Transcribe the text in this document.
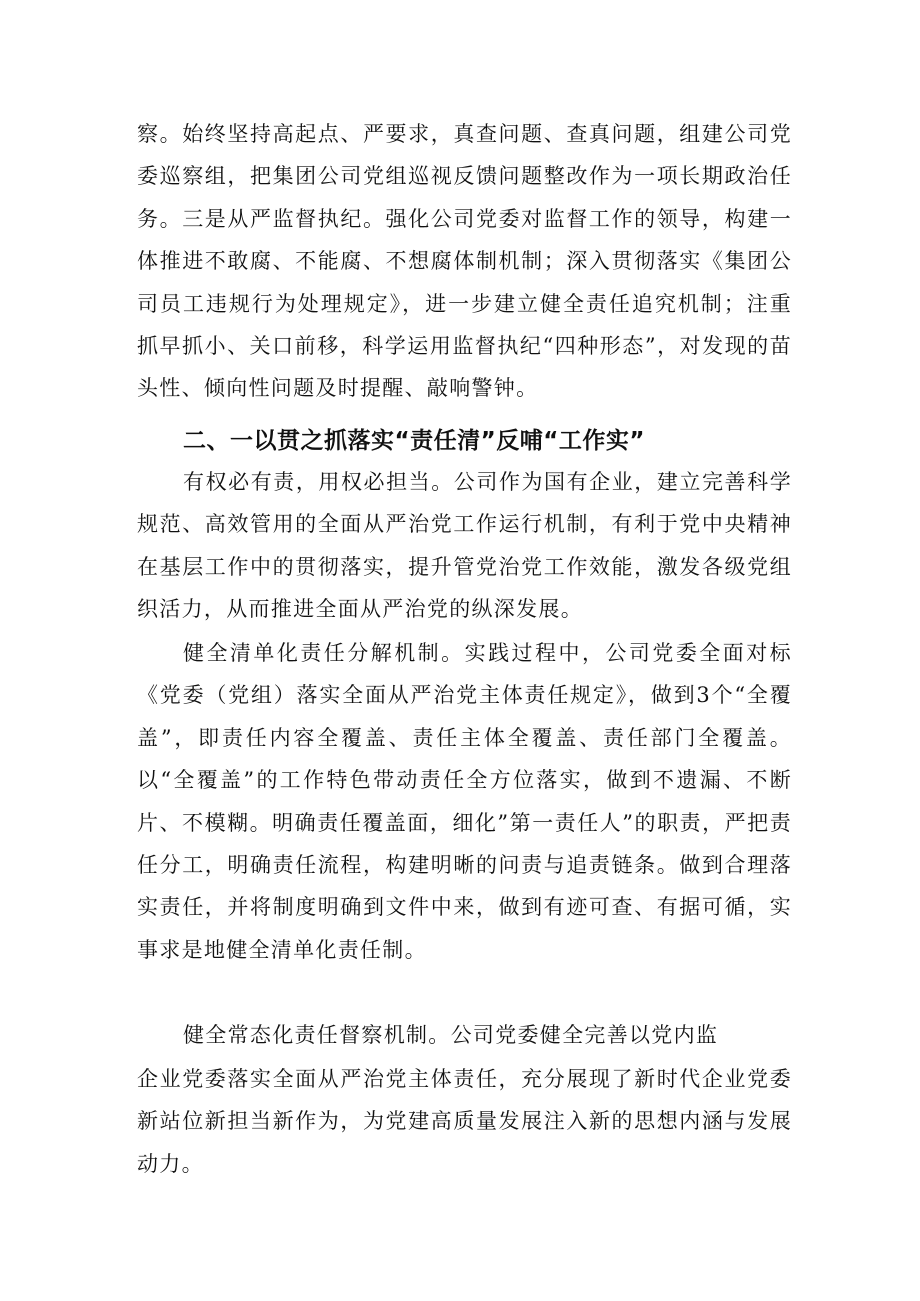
察。始终坚持高起点、严要求，真查问题、查真问题，组建公司党委巡察组，把集团公司党组巡视反馈问题整改作为一项长期政治任务。三是从严监督执纪。强化公司党委对监督工作的领导，构建一体推进不敢腐、不能腐、不想腐体制机制；深入贯彻落实《集团公司员工违规行为处理规定》，进一步建立健全责任追究机制；注重抓早抓小、关口前移，科学运用监督执纪“四种形态”，对发现的苗头性、倾向性问题及时提醒、敲响警钟。

二、一以贯之抓落实“责任清”反哺“工作实”

有权必有责，用权必担当。公司作为国有企业，建立完善科学规范、高效管用的全面从严治党工作运行机制，有利于党中央精神在基层工作中的贯彻落实，提升管党治党工作效能，激发各级党组织活力，从而推进全面从严治党的纵深发展。

健全清单化责任分解机制。实践过程中，公司党委全面对标《党委（党组）落实全面从严治党主体责任规定》，做到3个“全覆盖”，即责任内容全覆盖、责任主体全覆盖、责任部门全覆盖。以“全覆盖”的工作特色带动责任全方位落实，做到不遗漏、不断片、不模糊。明确责任覆盖面，细化”第一责任人”的职责，严把责任分工，明确责任流程，构建明晰的问责与追责链条。做到合理落实责任，并将制度明确到文件中来，做到有迹可查、有据可循，实事求是地健全清单化责任制。

健全常态化责任督察机制。公司党委健全完善以党内监

企业党委落实全面从严治党主体责任，充分展现了新时代企业党委新站位新担当新作为，为党建高质量发展注入新的思想内涵与发展动力。
